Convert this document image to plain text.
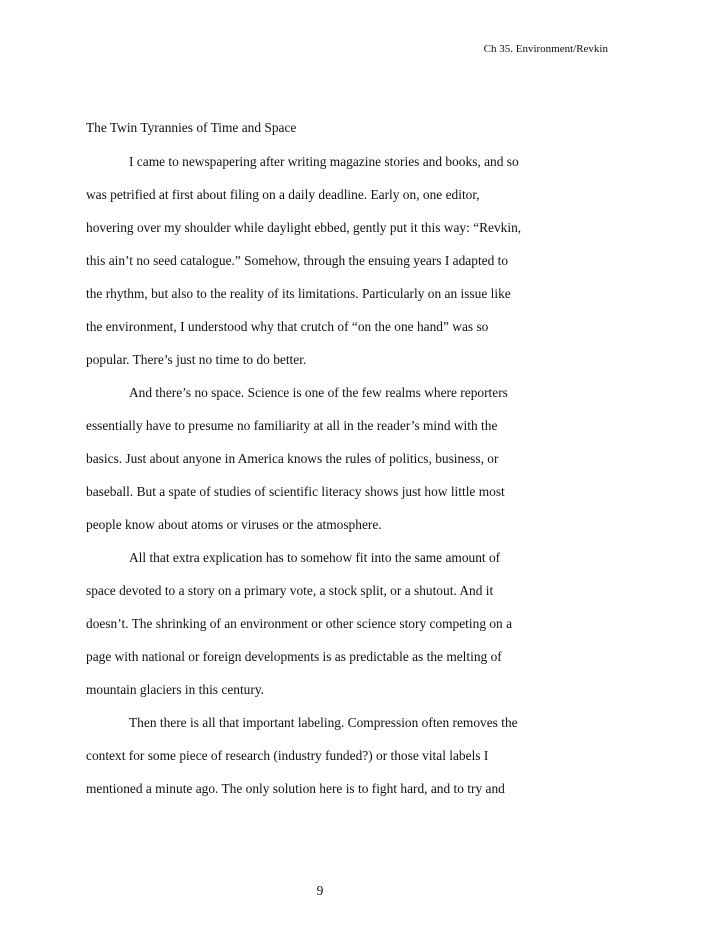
Ch 35. Environment/Revkin
The Twin Tyrannies of Time and Space
I came to newspapering after writing magazine stories and books, and so
was petrified at first about filing on a daily deadline. Early on, one editor,
hovering over my shoulder while daylight ebbed, gently put it this way: “Revkin,
this ain’t no seed catalogue.” Somehow, through the ensuing years I adapted to
the rhythm, but also to the reality of its limitations. Particularly on an issue like
the environment, I understood why that crutch of “on the one hand” was so
popular. There’s just no time to do better.
And there’s no space. Science is one of the few realms where reporters
essentially have to presume no familiarity at all in the reader’s mind with the
basics. Just about anyone in America knows the rules of politics, business, or
baseball. But a spate of studies of scientific literacy shows just how little most
people know about atoms or viruses or the atmosphere.
All that extra explication has to somehow fit into the same amount of
space devoted to a story on a primary vote, a stock split, or a shutout. And it
doesn’t. The shrinking of an environment or other science story competing on a
page with national or foreign developments is as predictable as the melting of
mountain glaciers in this century.
Then there is all that important labeling. Compression often removes the
context for some piece of research (industry funded?) or those vital labels I
mentioned a minute ago. The only solution here is to fight hard, and to try and
9
